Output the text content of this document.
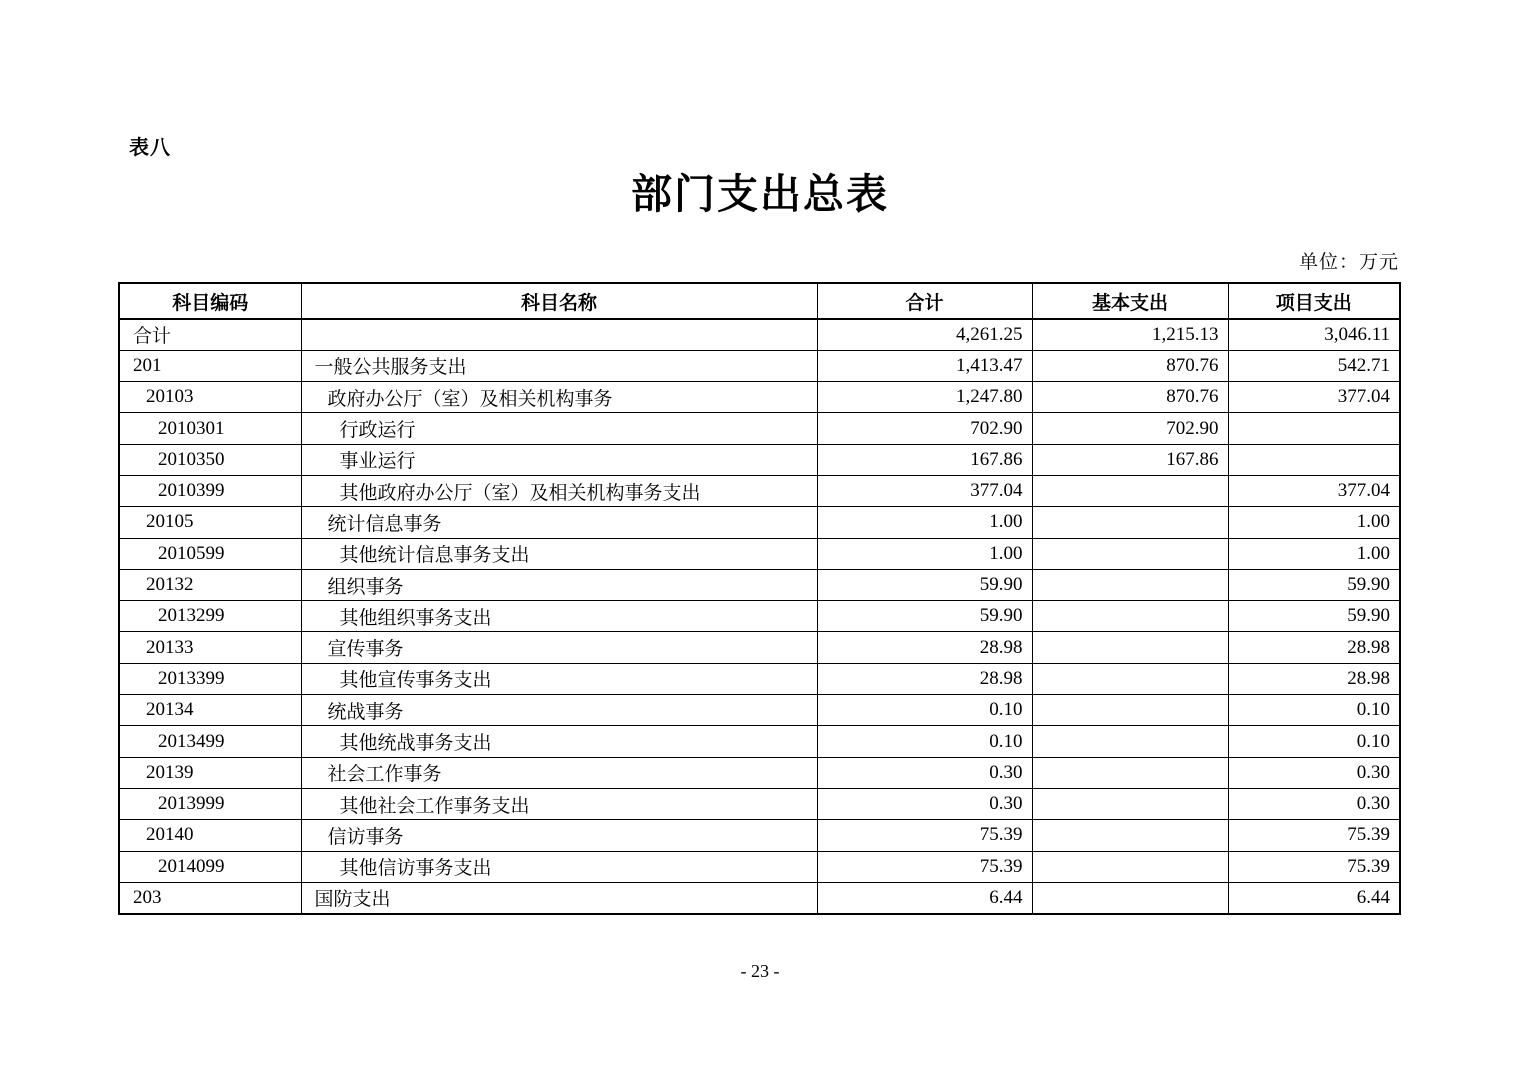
表八
部门支出总表
单位：万元
科目编码	科目名称	合计	基本支出	项目支出
合计		4,261.25	1,215.13	3,046.11
201	一般公共服务支出	1,413.47	870.76	542.71
20103	政府办公厅（室）及相关机构事务	1,247.80	870.76	377.04
2010301	行政运行	702.90	702.90	
2010350	事业运行	167.86	167.86	
2010399	其他政府办公厅（室）及相关机构事务支出	377.04		377.04
20105	统计信息事务	1.00		1.00
2010599	其他统计信息事务支出	1.00		1.00
20132	组织事务	59.90		59.90
2013299	其他组织事务支出	59.90		59.90
20133	宣传事务	28.98		28.98
2013399	其他宣传事务支出	28.98		28.98
20134	统战事务	0.10		0.10
2013499	其他统战事务支出	0.10		0.10
20139	社会工作事务	0.30		0.30
2013999	其他社会工作事务支出	0.30		0.30
20140	信访事务	75.39		75.39
2014099	其他信访事务支出	75.39		75.39
203	国防支出	6.44		6.44
- 23 -
